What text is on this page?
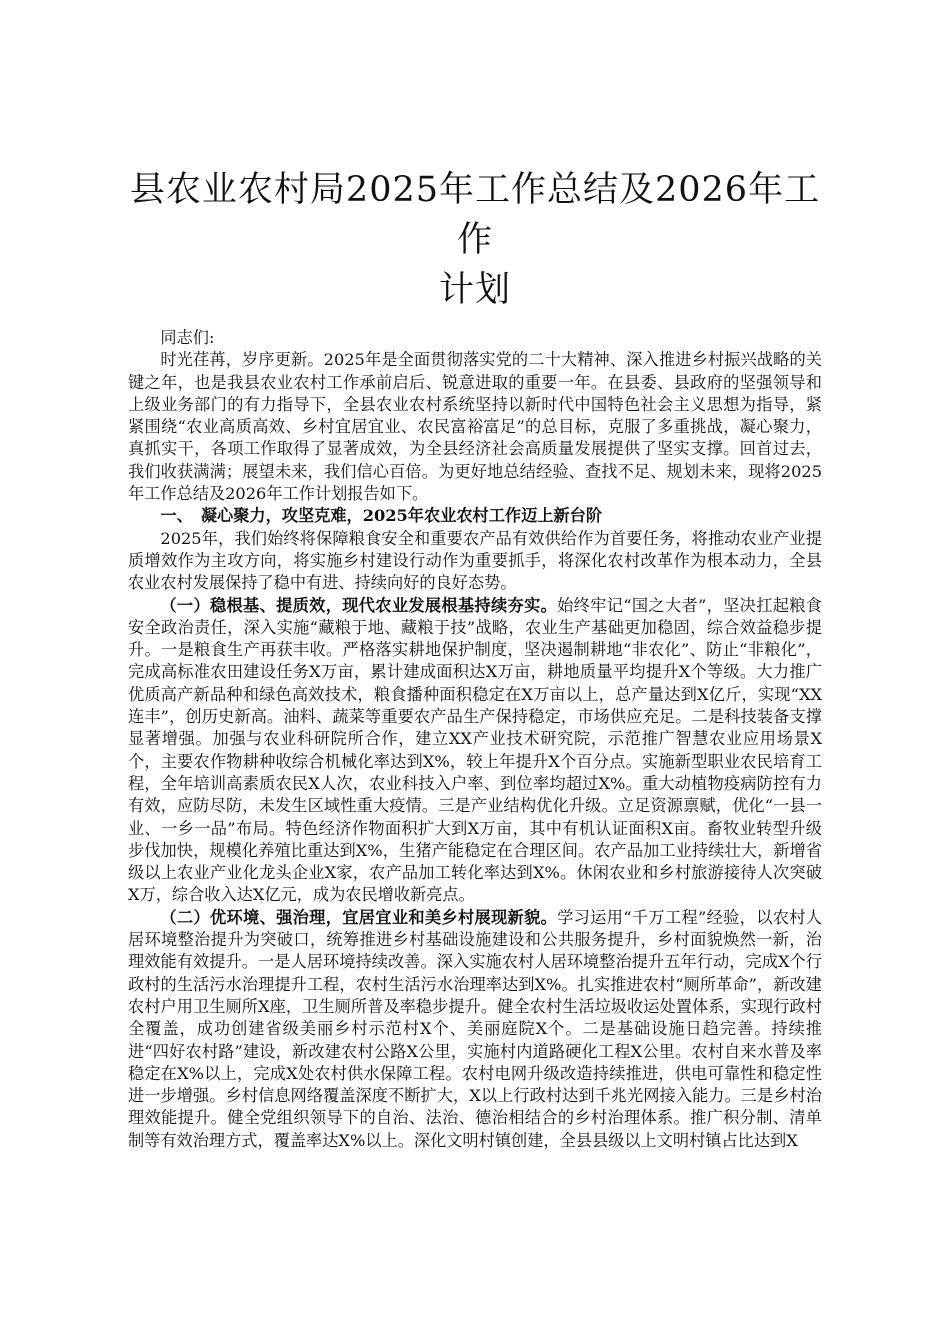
县农业农村局2025年工作总结及2026年工作
计划

同志们:

时光荏苒，岁序更新。2025年是全面贯彻落实党的二十大精神、深入推进乡村振兴战略的关键之年，也是我县农业农村工作承前启后、锐意进取的重要一年。在县委、县政府的坚强领导和上级业务部门的有力指导下，全县农业农村系统坚持以新时代中国特色社会主义思想为指导，紧紧围绕“农业高质高效、乡村宜居宜业、农民富裕富足”的总目标，克服了多重挑战，凝心聚力，真抓实干，各项工作取得了显著成效，为全县经济社会高质量发展提供了坚实支撑。回首过去，我们收获满满；展望未来，我们信心百倍。为更好地总结经验、查找不足、规划未来，现将2025年工作总结及2026年工作计划报告如下。

一、　凝心聚力，攻坚克难，2025年农业农村工作迈上新台阶

2025年，我们始终将保障粮食安全和重要农产品有效供给作为首要任务，将推动农业产业提质增效作为主攻方向，将实施乡村建设行动作为重要抓手，将深化农村改革作为根本动力，全县农业农村发展保持了稳中有进、持续向好的良好态势。

（一）稳根基、提质效，现代农业发展根基持续夯实。始终牢记“国之大者”，坚决扛起粮食安全政治责任，深入实施“藏粮于地、藏粮于技”战略，农业生产基础更加稳固，综合效益稳步提升。一是粮食生产再获丰收。严格落实耕地保护制度，坚决遏制耕地“非农化”、防止“非粮化”，完成高标准农田建设任务X万亩，累计建成面积达X万亩，耕地质量平均提升X个等级。大力推广优质高产新品种和绿色高效技术，粮食播种面积稳定在X万亩以上，总产量达到X亿斤，实现“XX连丰”，创历史新高。油料、蔬菜等重要农产品生产保持稳定，市场供应充足。二是科技装备支撑显著增强。加强与农业科研院所合作，建立XX产业技术研究院，示范推广智慧农业应用场景X个，主要农作物耕种收综合机械化率达到X%，较上年提升X个百分点。实施新型职业农民培育工程，全年培训高素质农民X人次，农业科技入户率、到位率均超过X%。重大动植物疫病防控有力有效，应防尽防，未发生区域性重大疫情。三是产业结构优化升级。立足资源禀赋，优化“一县一业、一乡一品”布局。特色经济作物面积扩大到X万亩，其中有机认证面积X亩。畜牧业转型升级步伐加快，规模化养殖比重达到X%，生猪产能稳定在合理区间。农产品加工业持续壮大，新增省级以上农业产业化龙头企业X家，农产品加工转化率达到X%。休闲农业和乡村旅游接待人次突破X万，综合收入达X亿元，成为农民增收新亮点。

（二）优环境、强治理，宜居宜业和美乡村展现新貌。学习运用“千万工程”经验，以农村人居环境整治提升为突破口，统筹推进乡村基础设施建设和公共服务提升，乡村面貌焕然一新，治理效能有效提升。一是人居环境持续改善。深入实施农村人居环境整治提升五年行动，完成X个行政村的生活污水治理提升工程，农村生活污水治理率达到X%。扎实推进农村“厕所革命”，新改建农村户用卫生厕所X座，卫生厕所普及率稳步提升。健全农村生活垃圾收运处置体系，实现行政村全覆盖，成功创建省级美丽乡村示范村X个、美丽庭院X个。二是基础设施日趋完善。持续推进“四好农村路”建设，新改建农村公路X公里，实施村内道路硬化工程X公里。农村自来水普及率稳定在X%以上，完成X处农村供水保障工程。农村电网升级改造持续推进，供电可靠性和稳定性进一步增强。乡村信息网络覆盖深度不断扩大，X以上行政村达到千兆光网接入能力。三是乡村治理效能提升。健全党组织领导下的自治、法治、德治相结合的乡村治理体系。推广积分制、清单制等有效治理方式，覆盖率达X%以上。深化文明村镇创建，全县县级以上文明村镇占比达到X
